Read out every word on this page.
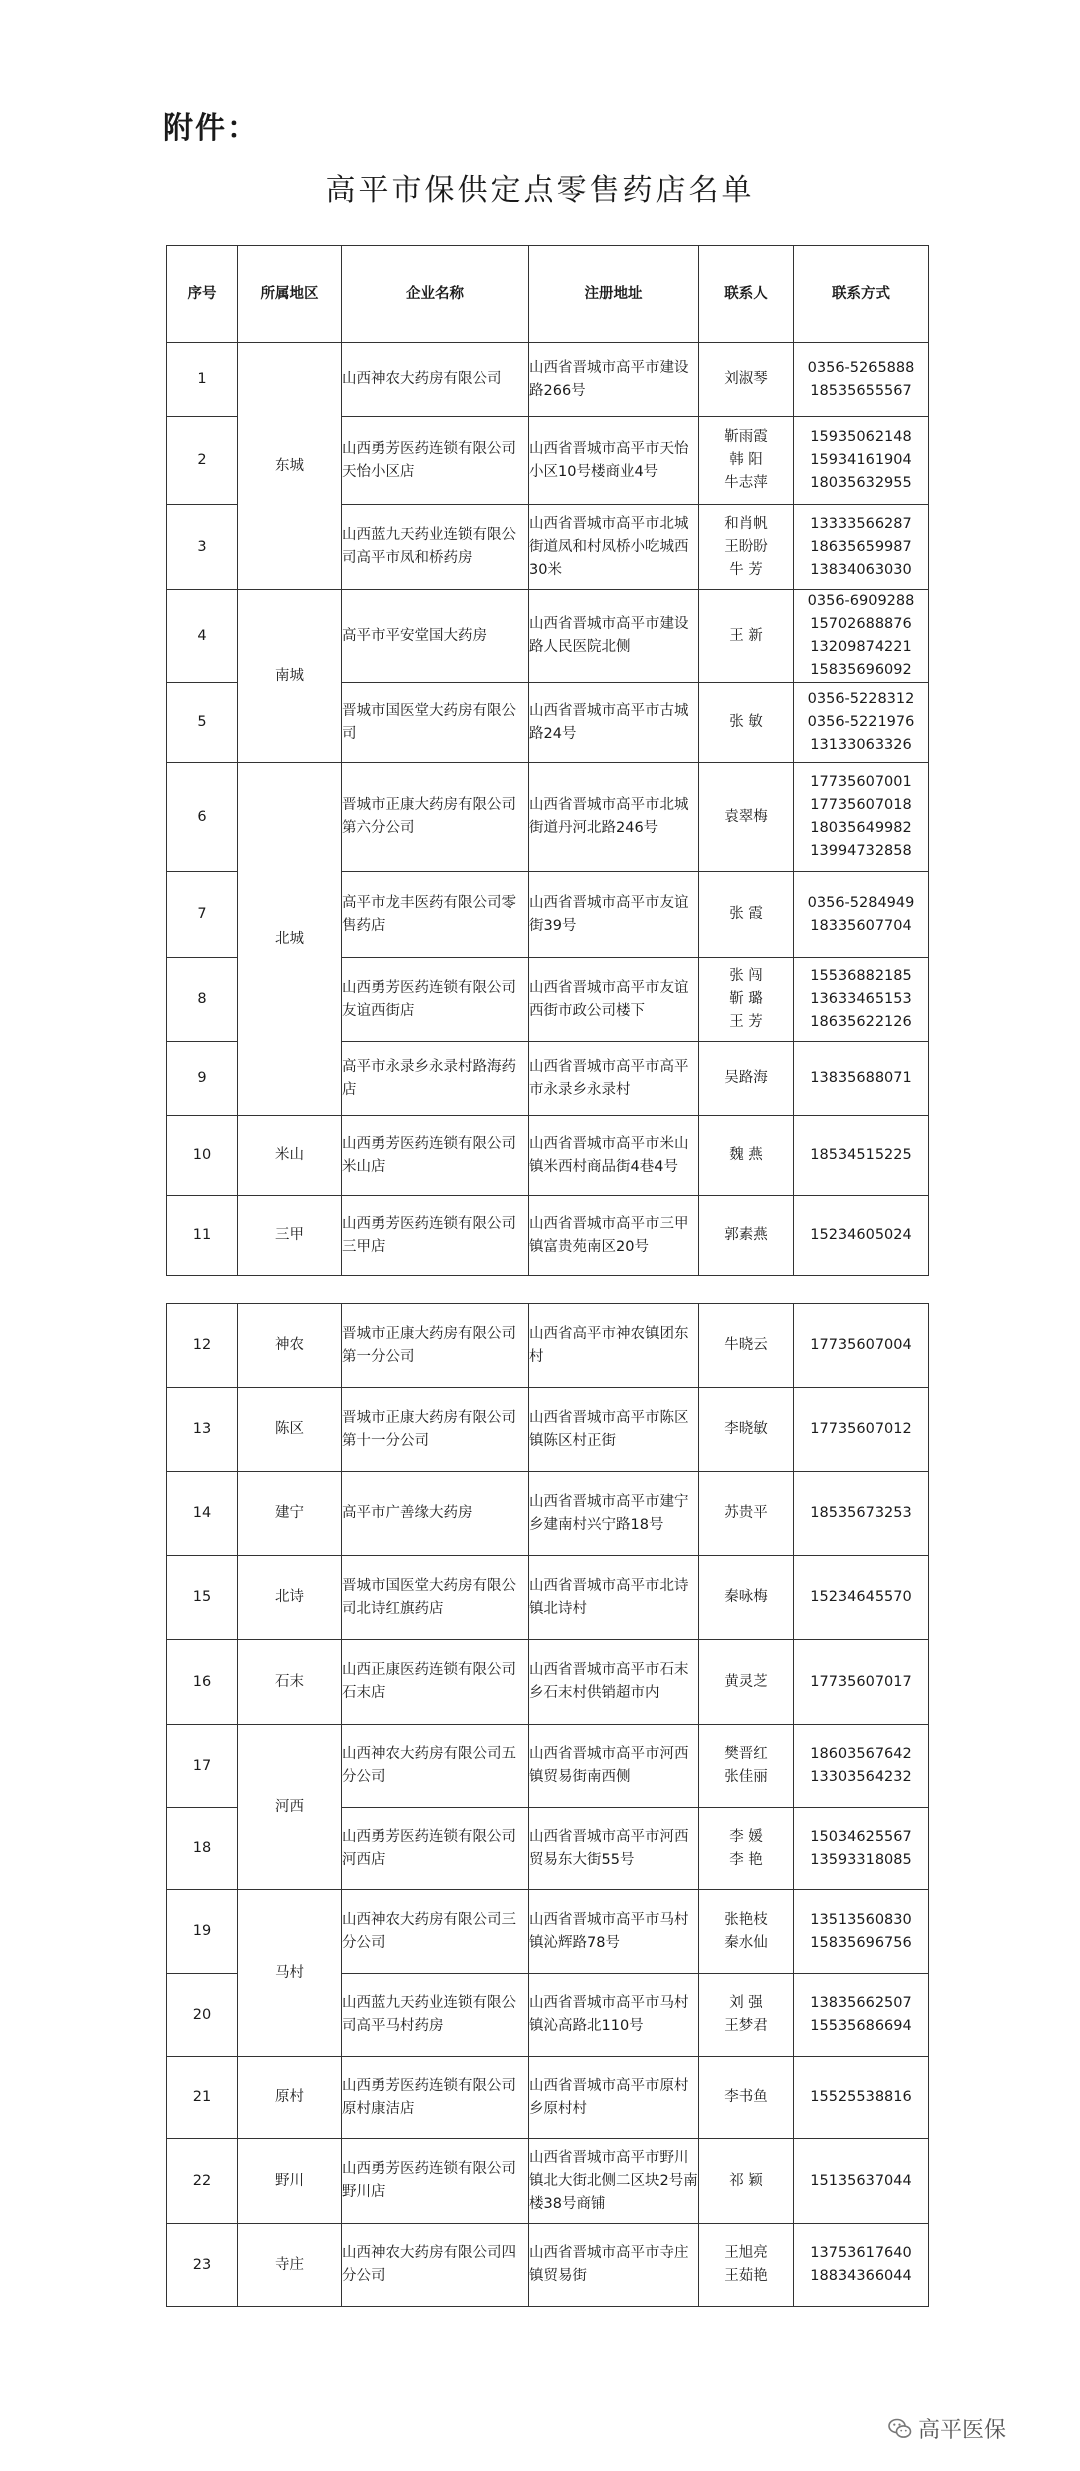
附件：
高平市保供定点零售药店名单
序号	所属地区	企业名称	注册地址	联系人	联系方式
1	东城	山西神农大药房有限公司	山西省晋城市高平市建设路266号	刘淑琴	0356-5265888
18535655567

2		山西勇芳医药连锁有限公司天怡小区店	山西省晋城市高平市天怡小区10号楼商业4号	靳雨霞
韩 阳
牛志萍	15935062148
15934161904
18035632955

3		山西蓝九天药业连锁有限公司高平市凤和桥药房	山西省晋城市高平市北城街道凤和村凤桥小吃城西30米	和肖帆
王盼盼
牛 芳	13333566287
18635659987
13834063030

4	南城	高平市平安堂国大药房	山西省晋城市高平市建设路人民医院北侧	王 新	0356-6909288
15702688876
13209874221
15835696092

5		晋城市国医堂大药房有限公司	山西省晋城市高平市古城路24号	张 敏	0356-5228312
0356-5221976
13133063326

6	北城	晋城市正康大药房有限公司第六分公司	山西省晋城市高平市北城街道丹河北路246号	袁翠梅	17735607001
17735607018
18035649982
13994732858

7		高平市龙丰医药有限公司零售药店	山西省晋城市高平市友谊街39号	张 霞	0356-5284949
18335607704

8		山西勇芳医药连锁有限公司友谊西街店	山西省晋城市高平市友谊西街市政公司楼下	张 闯
靳 璐
王 芳	15536882185
13633465153
18635622126

9		高平市永录乡永录村路海药店	山西省晋城市高平市高平市永录乡永录村	吴路海	13835688071

10	米山	山西勇芳医药连锁有限公司米山店	山西省晋城市高平市米山镇米西村商品街4巷4号	魏 燕	18534515225

11	三甲	山西勇芳医药连锁有限公司三甲店	山西省晋城市高平市三甲镇富贵苑南区20号	郭素燕	15234605024
12	神农	晋城市正康大药房有限公司第一分公司	山西省高平市神农镇团东村	牛晓云	17735607004

13	陈区	晋城市正康大药房有限公司第十一分公司	山西省晋城市高平市陈区镇陈区村正街	李晓敏	17735607012

14	建宁	高平市广善缘大药房	山西省晋城市高平市建宁乡建南村兴宁路18号	苏贵平	18535673253

15	北诗	晋城市国医堂大药房有限公司北诗红旗药店	山西省晋城市高平市北诗镇北诗村	秦咏梅	15234645570

16	石末	山西正康医药连锁有限公司石末店	山西省晋城市高平市石末乡石末村供销超市内	黄灵芝	17735607017

17	河西	山西神农大药房有限公司五分公司	山西省晋城市高平市河西镇贸易街南西侧	樊晋红
张佳丽	18603567642
13303564232

18		山西勇芳医药连锁有限公司河西店	山西省晋城市高平市河西贸易东大街55号	李 媛
李 艳	15034625567
13593318085

19	马村	山西神农大药房有限公司三分公司	山西省晋城市高平市马村镇沁辉路78号	张艳枝
秦水仙	13513560830
15835696756

20		山西蓝九天药业连锁有限公司高平马村药房	山西省晋城市高平市马村镇沁高路北110号	刘 强
王梦君	13835662507
15535686694

21	原村	山西勇芳医药连锁有限公司原村康洁店	山西省晋城市高平市原村乡原村村	李书鱼	15525538816

22	野川	山西勇芳医药连锁有限公司野川店	山西省晋城市高平市野川镇北大街北侧二区块2号南楼38号商铺	祁 颖	15135637044

23	寺庄	山西神农大药房有限公司四分公司	山西省晋城市高平市寺庄镇贸易街	王旭亮
王茹艳	13753617640
18834366044
高平医保
